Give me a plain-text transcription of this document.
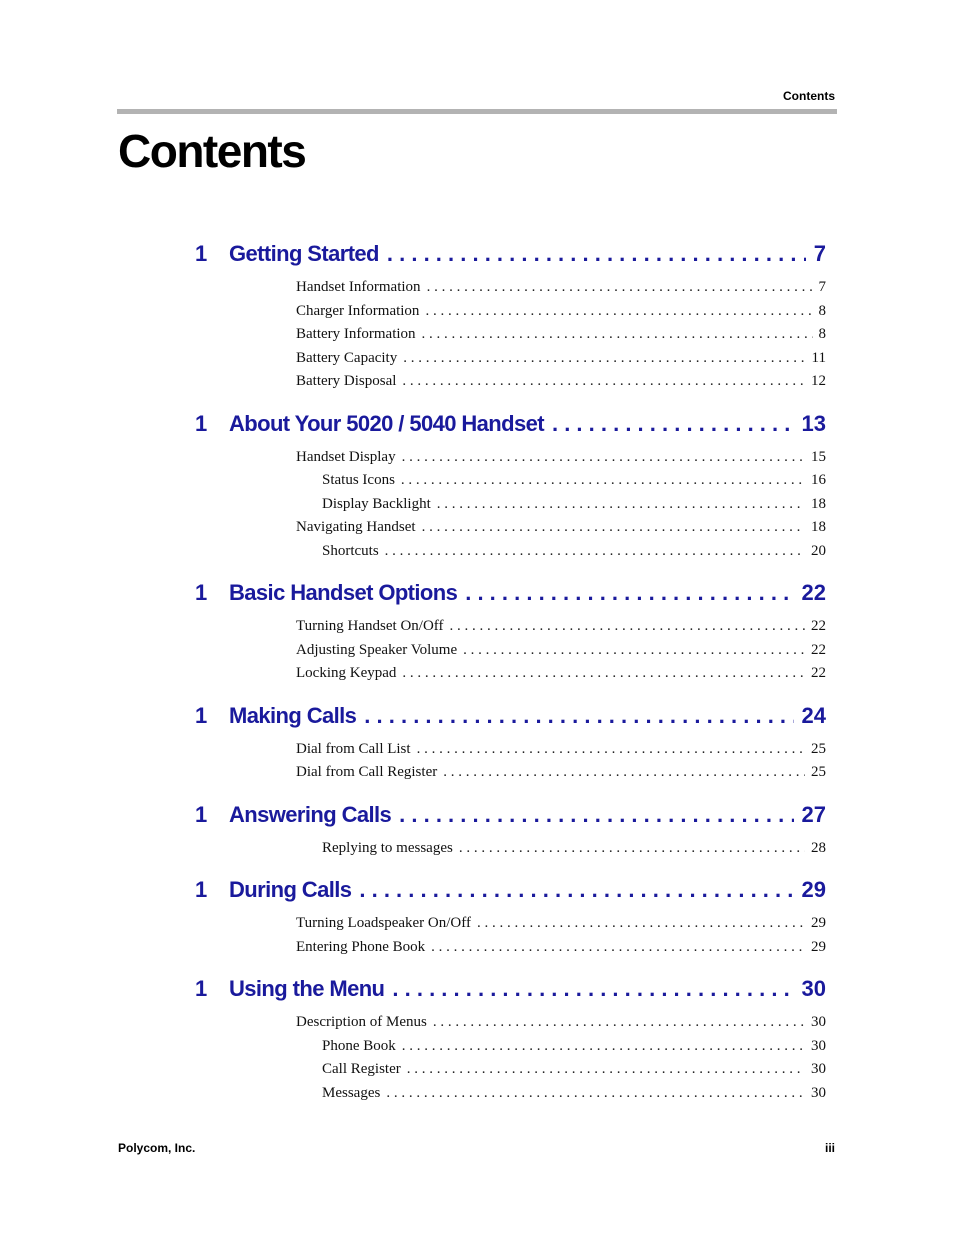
Contents
Contents
1 Getting Started . . .	7
Handset Information . . .	7
Charger Information . . .	8
Battery Information . . .	8
Battery Capacity . . .	11
Battery Disposal . . .	12
1 About Your 5020 / 5040 Handset . . .	13
Handset Display . . .	15
Status Icons . . .	16
Display Backlight . . .	18
Navigating Handset . . .	18
Shortcuts . . .	20
1 Basic Handset Options . . .	22
Turning Handset On/Off . . .	22
Adjusting Speaker Volume . . .	22
Locking Keypad . . .	22
1 Making Calls . . .	24
Dial from Call List . . .	25
Dial from Call Register . . .	25
1 Answering Calls . . .	27
Replying to messages . . .	28
1 During Calls . . .	29
Turning Loadspeaker On/Off . . .	29
Entering Phone Book . . .	29
1 Using the Menu . . .	30
Description of Menus . . .	30
Phone Book . . .	30
Call Register . . .	30
Messages . . .	30
Polycom, Inc.	iii
